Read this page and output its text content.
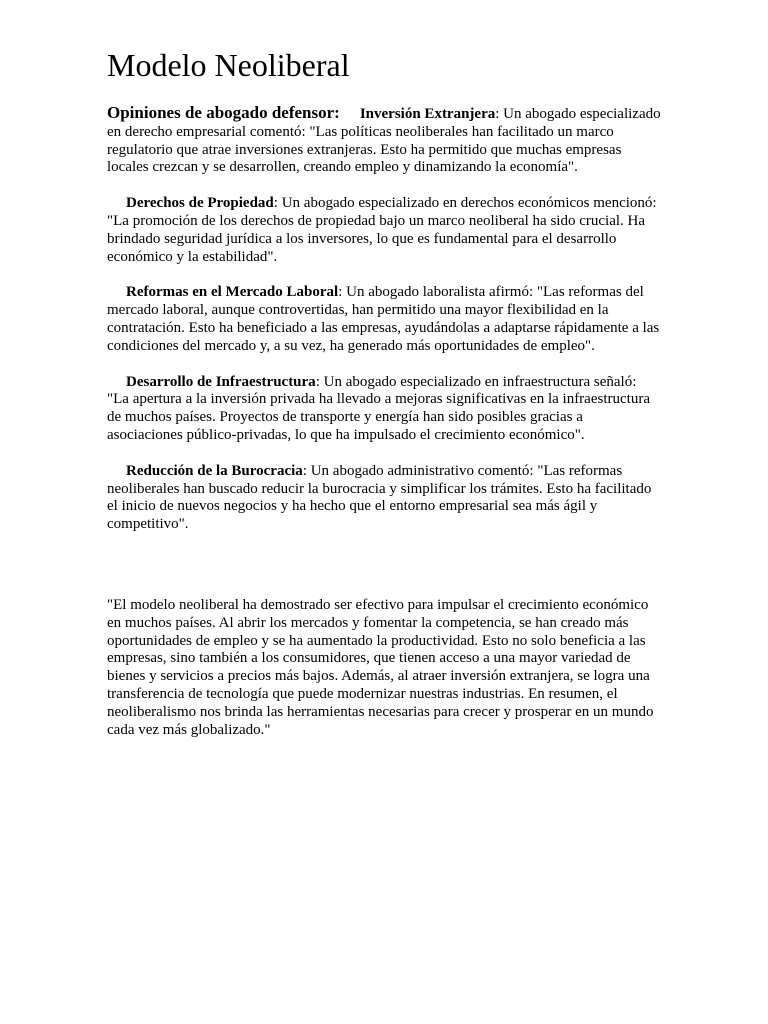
Modelo Neoliberal

Opiniones de abogado defensor: Inversión Extranjera: Un abogado especializado en derecho empresarial comentó: "Las políticas neoliberales han facilitado un marco regulatorio que atrae inversiones extranjeras. Esto ha permitido que muchas empresas locales crezcan y se desarrollen, creando empleo y dinamizando la economía".

Derechos de Propiedad: Un abogado especializado en derechos económicos mencionó: "La promoción de los derechos de propiedad bajo un marco neoliberal ha sido crucial. Ha brindado seguridad jurídica a los inversores, lo que es fundamental para el desarrollo económico y la estabilidad".

Reformas en el Mercado Laboral: Un abogado laboralista afirmó: "Las reformas del mercado laboral, aunque controvertidas, han permitido una mayor flexibilidad en la contratación. Esto ha beneficiado a las empresas, ayudándolas a adaptarse rápidamente a las condiciones del mercado y, a su vez, ha generado más oportunidades de empleo".

Desarrollo de Infraestructura: Un abogado especializado en infraestructura señaló: "La apertura a la inversión privada ha llevado a mejoras significativas en la infraestructura de muchos países. Proyectos de transporte y energía han sido posibles gracias a asociaciones público-privadas, lo que ha impulsado el crecimiento económico".

Reducción de la Burocracia: Un abogado administrativo comentó: "Las reformas neoliberales han buscado reducir la burocracia y simplificar los trámites. Esto ha facilitado el inicio de nuevos negocios y ha hecho que el entorno empresarial sea más ágil y competitivo".

"El modelo neoliberal ha demostrado ser efectivo para impulsar el crecimiento económico en muchos países. Al abrir los mercados y fomentar la competencia, se han creado más oportunidades de empleo y se ha aumentado la productividad. Esto no solo beneficia a las empresas, sino también a los consumidores, que tienen acceso a una mayor variedad de bienes y servicios a precios más bajos. Además, al atraer inversión extranjera, se logra una transferencia de tecnología que puede modernizar nuestras industrias. En resumen, el neoliberalismo nos brinda las herramientas necesarias para crecer y prosperar en un mundo cada vez más globalizado."
